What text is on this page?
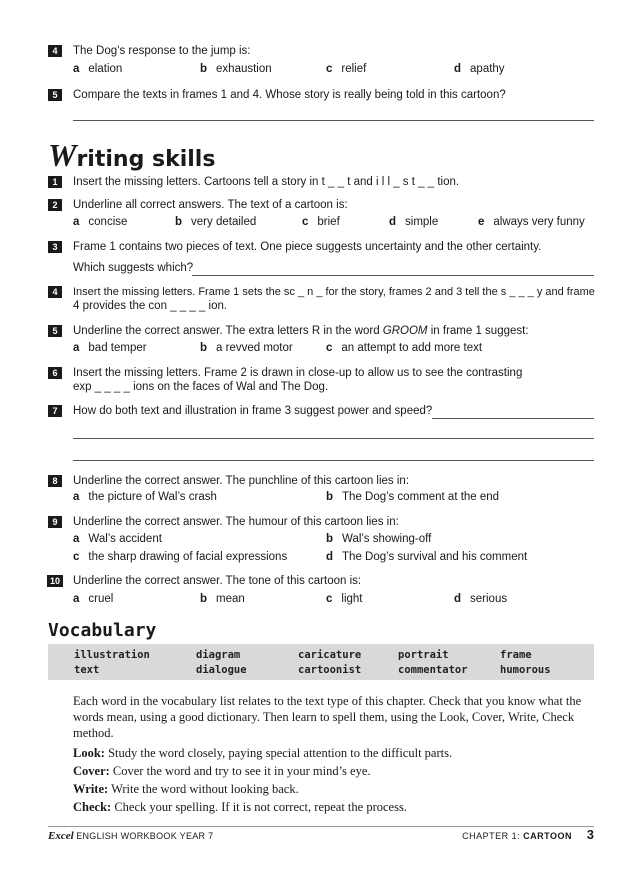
4	The Dog’s response to the jump is:
a elation	b exhaustion	c relief	d apathy
5	Compare the texts in frames 1 and 4. Whose story is really being told in this cartoon?
Writing skills
1	Insert the missing letters. Cartoons tell a story in t _ _ t and i l l _ s t _ _ tion.
2	Underline all correct answers. The text of a cartoon is:
a concise	b very detailed	c brief	d simple	e always very funny
3	Frame 1 contains two pieces of text. One piece suggests uncertainty and the other certainty.
Which suggests which?
4	Insert the missing letters. Frame 1 sets the sc _ n _ for the story, frames 2 and 3 tell the s _ _ _ y and frame
4 provides the con _ _ _ _ ion.
5	Underline the correct answer. The extra letters R in the word GROOM in frame 1 suggest:
a bad temper	b a revved motor	c an attempt to add more text
6	Insert the missing letters. Frame 2 is drawn in close-up to allow us to see the contrasting
exp _ _ _ _ ions on the faces of Wal and The Dog.
7	How do both text and illustration in frame 3 suggest power and speed?
8	Underline the correct answer. The punchline of this cartoon lies in:
a the picture of Wal’s crash	b The Dog’s comment at the end
9	Underline the correct answer. The humour of this cartoon lies in:
a Wal’s accident	b Wal’s showing-off
c the sharp drawing of facial expressions	d The Dog’s survival and his comment
10 Underline the correct answer. The tone of this cartoon is:
a cruel	b mean	c light	d serious
Vocabulary
illustration	diagram	caricature	portrait	frame
text	dialogue	cartoonist	commentator	humorous
Each word in the vocabulary list relates to the text type of this chapter. Check that you know what the words mean, using a good dictionary. Then learn to spell them, using the Look, Cover, Write, Check method.
Look: Study the word closely, paying special attention to the difficult parts.
Cover: Cover the word and try to see it in your mind’s eye.
Write: Write the word without looking back.
Check: Check your spelling. If it is not correct, repeat the process.
Excel ENGLISH WORKBOOK YEAR 7	CHAPTER 1: CARTOON 3
